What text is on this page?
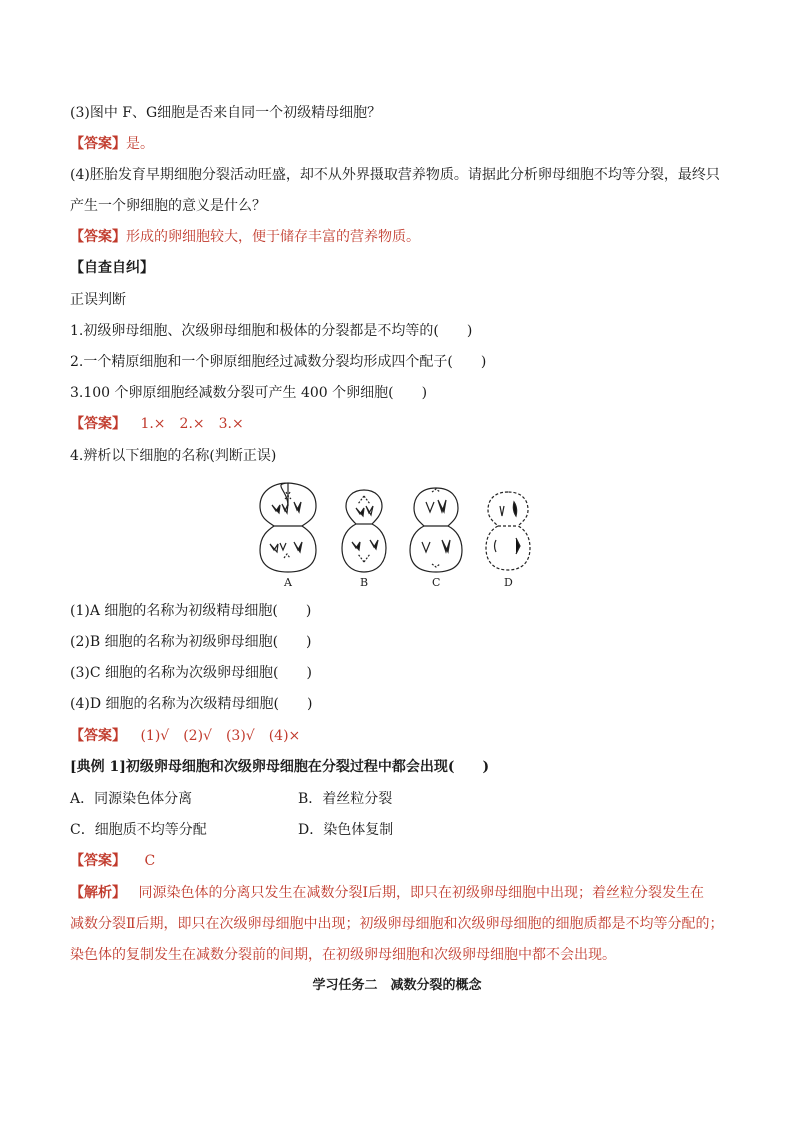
(3)图中 F、G细胞是否来自同一个初级精母细胞？
【答案】是。
(4)胚胎发育早期细胞分裂活动旺盛，却不从外界摄取营养物质。请据此分析卵母细胞不均等分裂，最终只
产生一个卵细胞的意义是什么？
【答案】形成的卵细胞较大，便于储存丰富的营养物质。
【自查自纠】
正误判断
1.初级卵母细胞、次级卵母细胞和极体的分裂都是不均等的(　　)
2.一个精原细胞和一个卵原细胞经过减数分裂均形成四个配子(　　)
3.100 个卵原细胞经减数分裂可产生 400 个卵细胞(　　)
【答案】 1.×　2.×　3.×
4.辨析以下细胞的名称(判断正误)
A	B	C	D
(1)A 细胞的名称为初级精母细胞(　　)
(2)B 细胞的名称为初级卵母细胞(　　)
(3)C 细胞的名称为次级卵母细胞(　　)
(4)D 细胞的名称为次级精母细胞(　　)
【答案】 (1)√　(2)√　(3)√　(4)×
[典例 1]初级卵母细胞和次级卵母细胞在分裂过程中都会出现(　　)
A．同源染色体分离	B．着丝粒分裂
C．细胞质不均等分配	D．染色体复制
【答案】 C
【解析】 同源染色体的分离只发生在减数分裂Ⅰ后期，即只在初级卵母细胞中出现；着丝粒分裂发生在
减数分裂Ⅱ后期，即只在次级卵母细胞中出现；初级卵母细胞和次级卵母细胞的细胞质都是不均等分配的；
染色体的复制发生在减数分裂前的间期，在初级卵母细胞和次级卵母细胞中都不会出现。
学习任务二　减数分裂的概念
